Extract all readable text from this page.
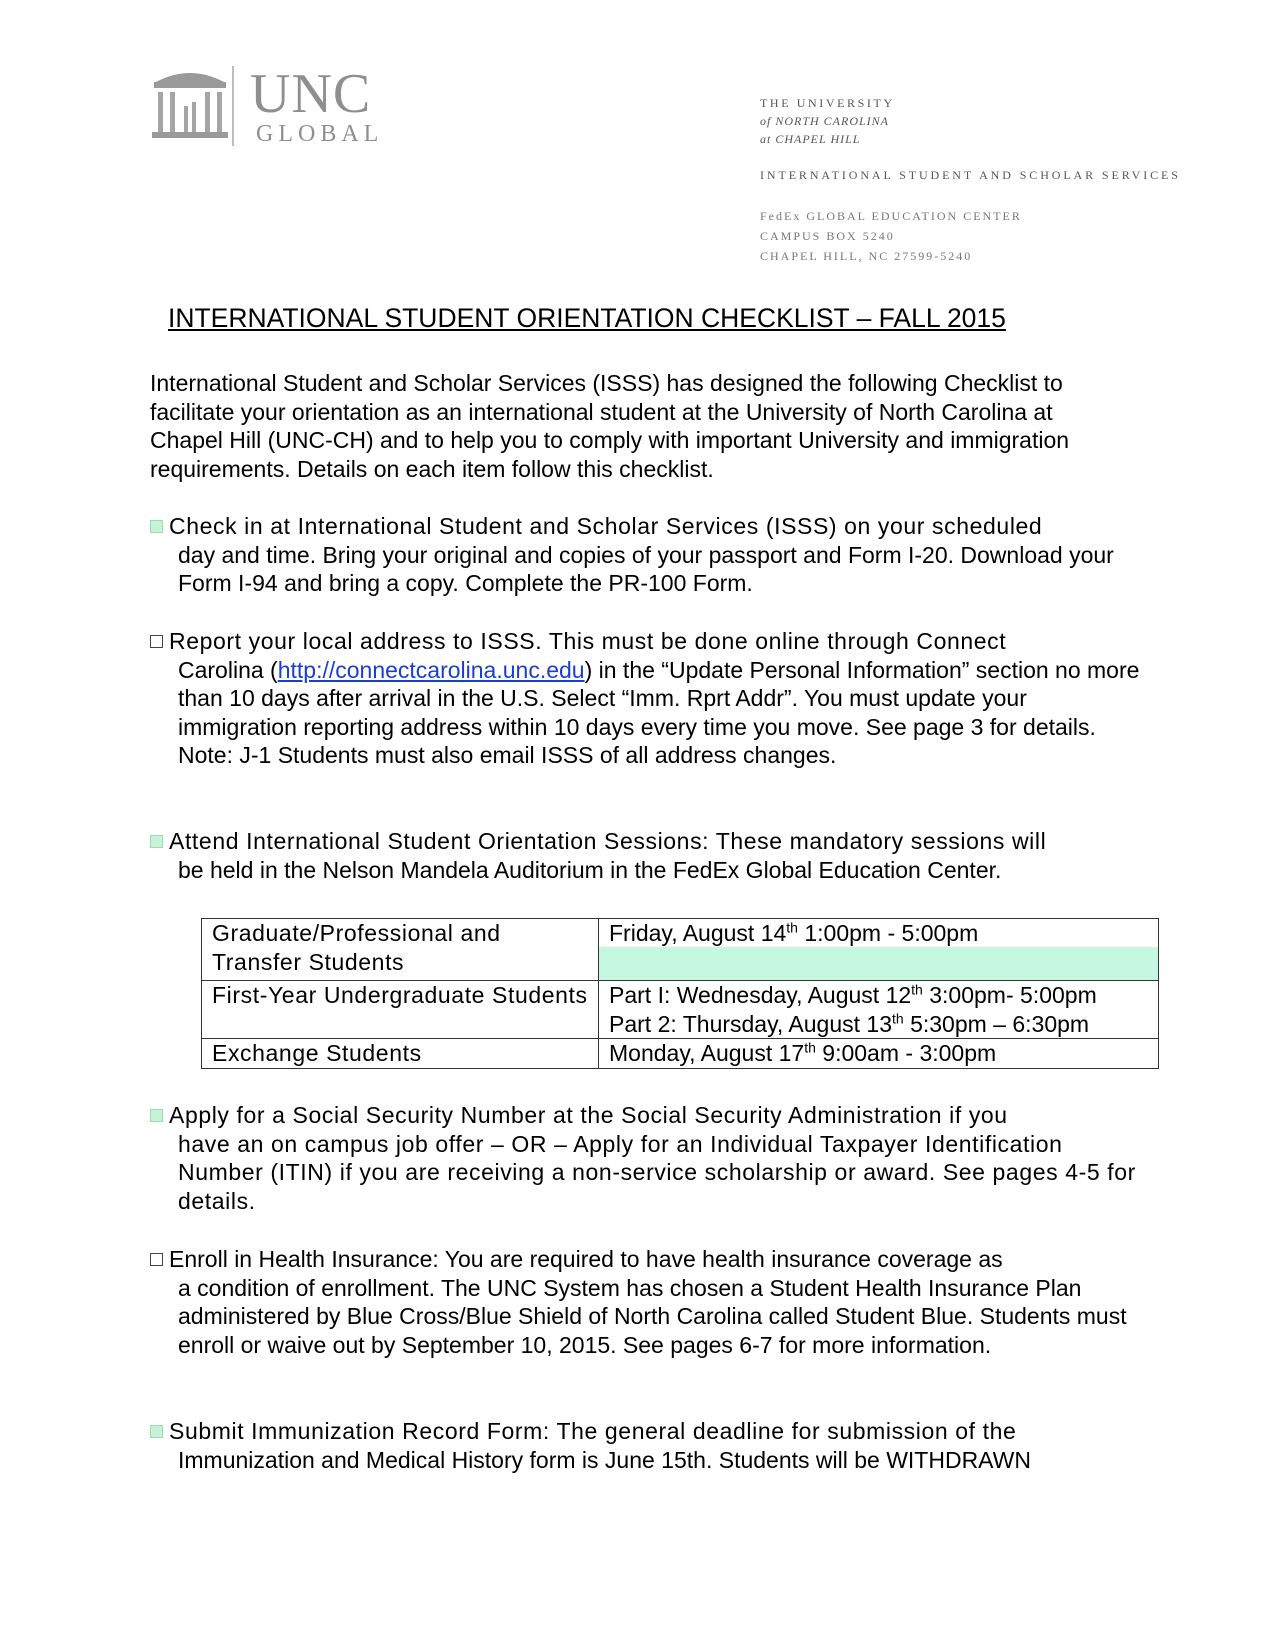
UNC
GLOBAL
THE UNIVERSITY
of NORTH CAROLINA
at CHAPEL HILL
INTERNATIONAL STUDENT AND SCHOLAR SERVICES
FedEx GLOBAL EDUCATION CENTER
CAMPUS BOX 5240
CHAPEL HILL, NC 27599-5240
INTERNATIONAL STUDENT ORIENTATION CHECKLIST – FALL 2015
International Student and Scholar Services (ISSS) has designed the following Checklist to facilitate your orientation as an international student at the University of North Carolina at Chapel Hill (UNC-CH) and to help you to comply with important University and immigration requirements. Details on each item follow this checklist.
Check in at International Student and Scholar Services (ISSS) on your scheduled
day and time. Bring your original and copies of your passport and Form I-20. Download your Form I-94 and bring a copy. Complete the PR-100 Form.
Report your local address to ISSS. This must be done online through Connect
Carolina (http://connectcarolina.unc.edu) in the “Update Personal Information” section no more than 10 days after arrival in the U.S. Select “Imm. Rprt Addr”. You must update your immigration reporting address within 10 days every time you move. See page 3 for details. Note: J-1 Students must also email ISSS of all address changes.
Attend International Student Orientation Sessions: These mandatory sessions will
be held in the Nelson Mandela Auditorium in the FedEx Global Education Center.
Graduate/Professional and Transfer Students	Friday, August 14th 1:00pm - 5:00pm

First-Year Undergraduate Students	Part I: Wednesday, August 12th 3:00pm- 5:00pm
Part 2: Thursday, August 13th 5:30pm – 6:30pm

Exchange Students	Monday, August 17th 9:00am - 3:00pm
Apply for a Social Security Number at the Social Security Administration if you
have an on campus job offer – OR – Apply for an Individual Taxpayer Identification Number (ITIN) if you are receiving a non-service scholarship or award. See pages 4-5 for details.
Enroll in Health Insurance: You are required to have health insurance coverage as
a condition of enrollment. The UNC System has chosen a Student Health Insurance Plan administered by Blue Cross/Blue Shield of North Carolina called Student Blue. Students must enroll or waive out by September 10, 2015. See pages 6-7 for more information.
Submit Immunization Record Form: The general deadline for submission of the
Immunization and Medical History form is June 15th. Students will be WITHDRAWN
